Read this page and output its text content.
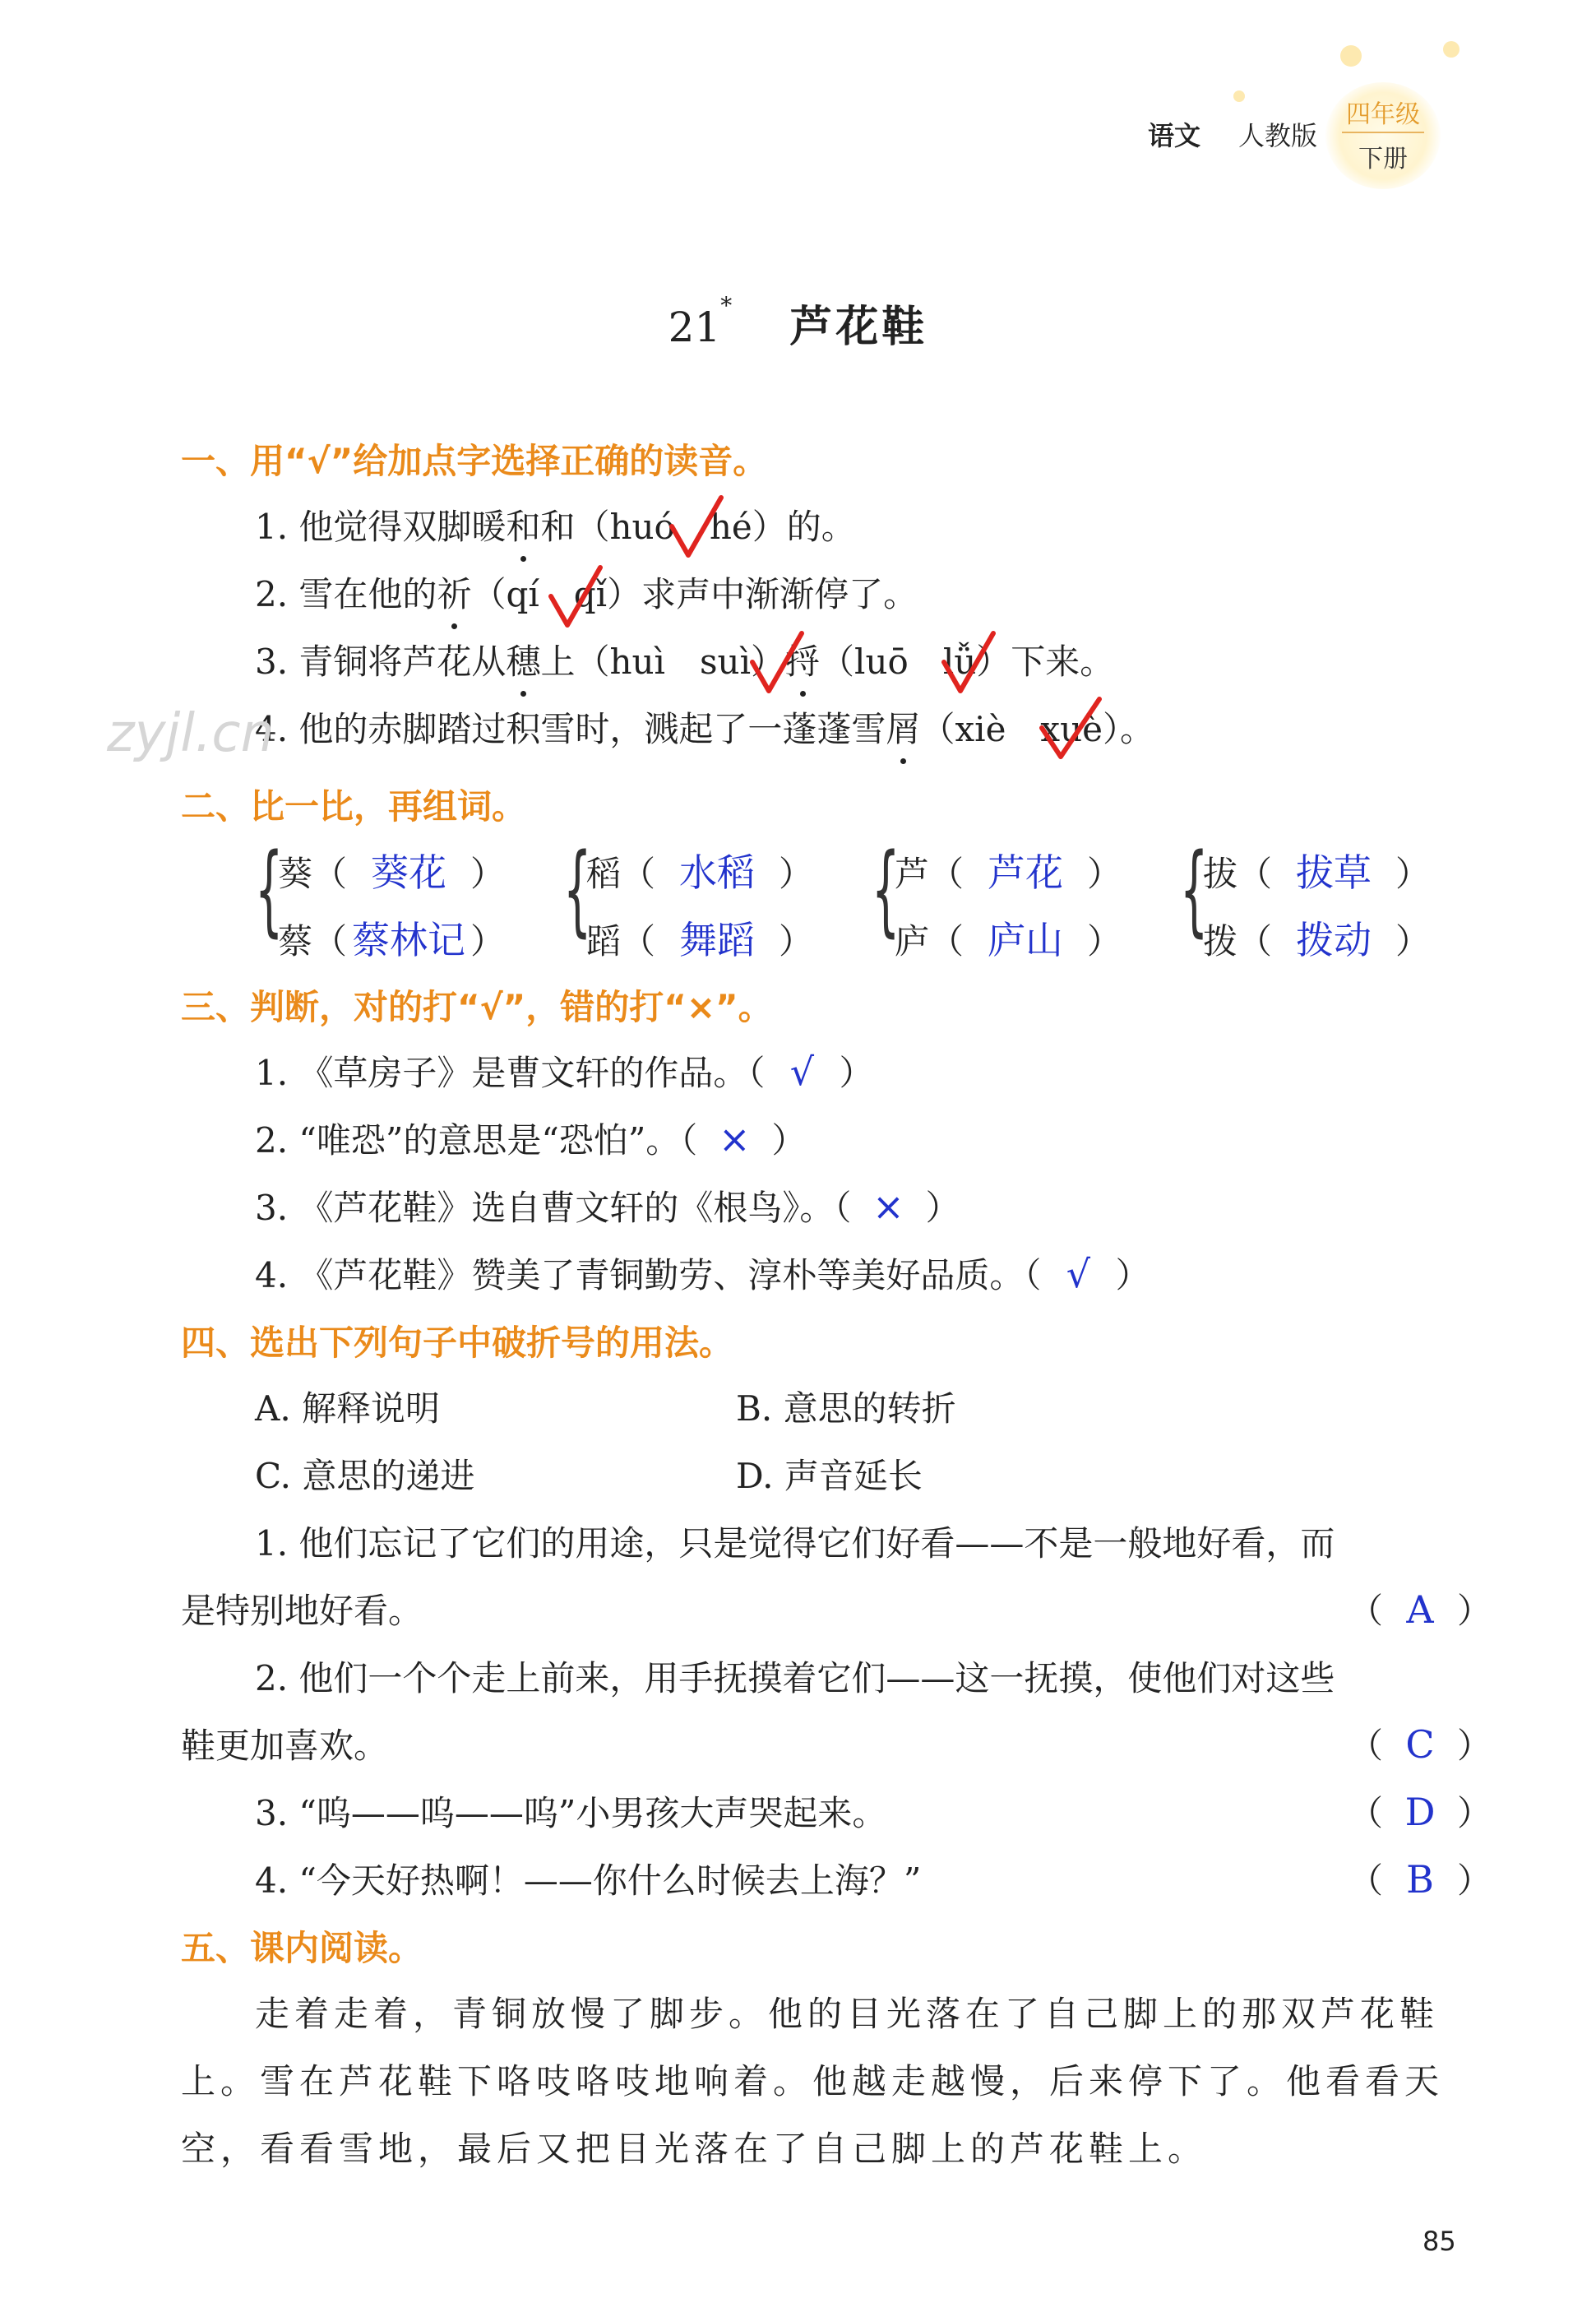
语文 人教版
四年级
下册
21* 芦花鞋
一、用“√”给加点字选择正确的读音。
1. 他觉得双脚暖和和（huó　hé）的。
2. 雪在他的祈（qí　qǐ）求声中渐渐停了。
3. 青铜将芦花从穗上（huì　suì）捋（luō　lǚ）下来。
4. 他的赤脚踏过积雪时，溅起了一蓬蓬雪屑（xiè　xuè）。
zyjl.cn
二、比一比，再组词。
{
葵（ 葵花 ）
蔡（ 蔡林记 ） {
稻（ 水稻 ）
蹈（ 舞蹈 ） {
芦（ 芦花 ）
庐（ 庐山 ） {
拔（ 拔草 ）
拨（ 拨动 ）
三、判断，对的打“√”，错的打“×”。
1. 《草房子》是曹文轩的作品。（ √ ）
2. “唯恐”的意思是“恐怕”。（ × ）
3. 《芦花鞋》选自曹文轩的《根鸟》。（ × ）
4. 《芦花鞋》赞美了青铜勤劳、淳朴等美好品质。（ √ ）
四、选出下列句子中破折号的用法。
A. 解释说明	B. 意思的转折
C. 意思的递进	D. 声音延长
1. 他们忘记了它们的用途，只是觉得它们好看——不是一般地好看，而
是特别地好看。	（ A ）
2. 他们一个个走上前来，用手抚摸着它们——这一抚摸，使他们对这些
鞋更加喜欢。	（ C ）
3. “呜——呜——呜”小男孩大声哭起来。	（ D ）
4. “今天好热啊！——你什么时候去上海？”	（ B ）
五、课内阅读。
走着走着，青铜放慢了脚步。他的目光落在了自己脚上的那双芦花鞋上。雪在芦花鞋下咯吱咯吱地响着。他越走越慢，后来停下了。他看看天空，看看雪地，最后又把目光落在了自己脚上的芦花鞋上。
85
